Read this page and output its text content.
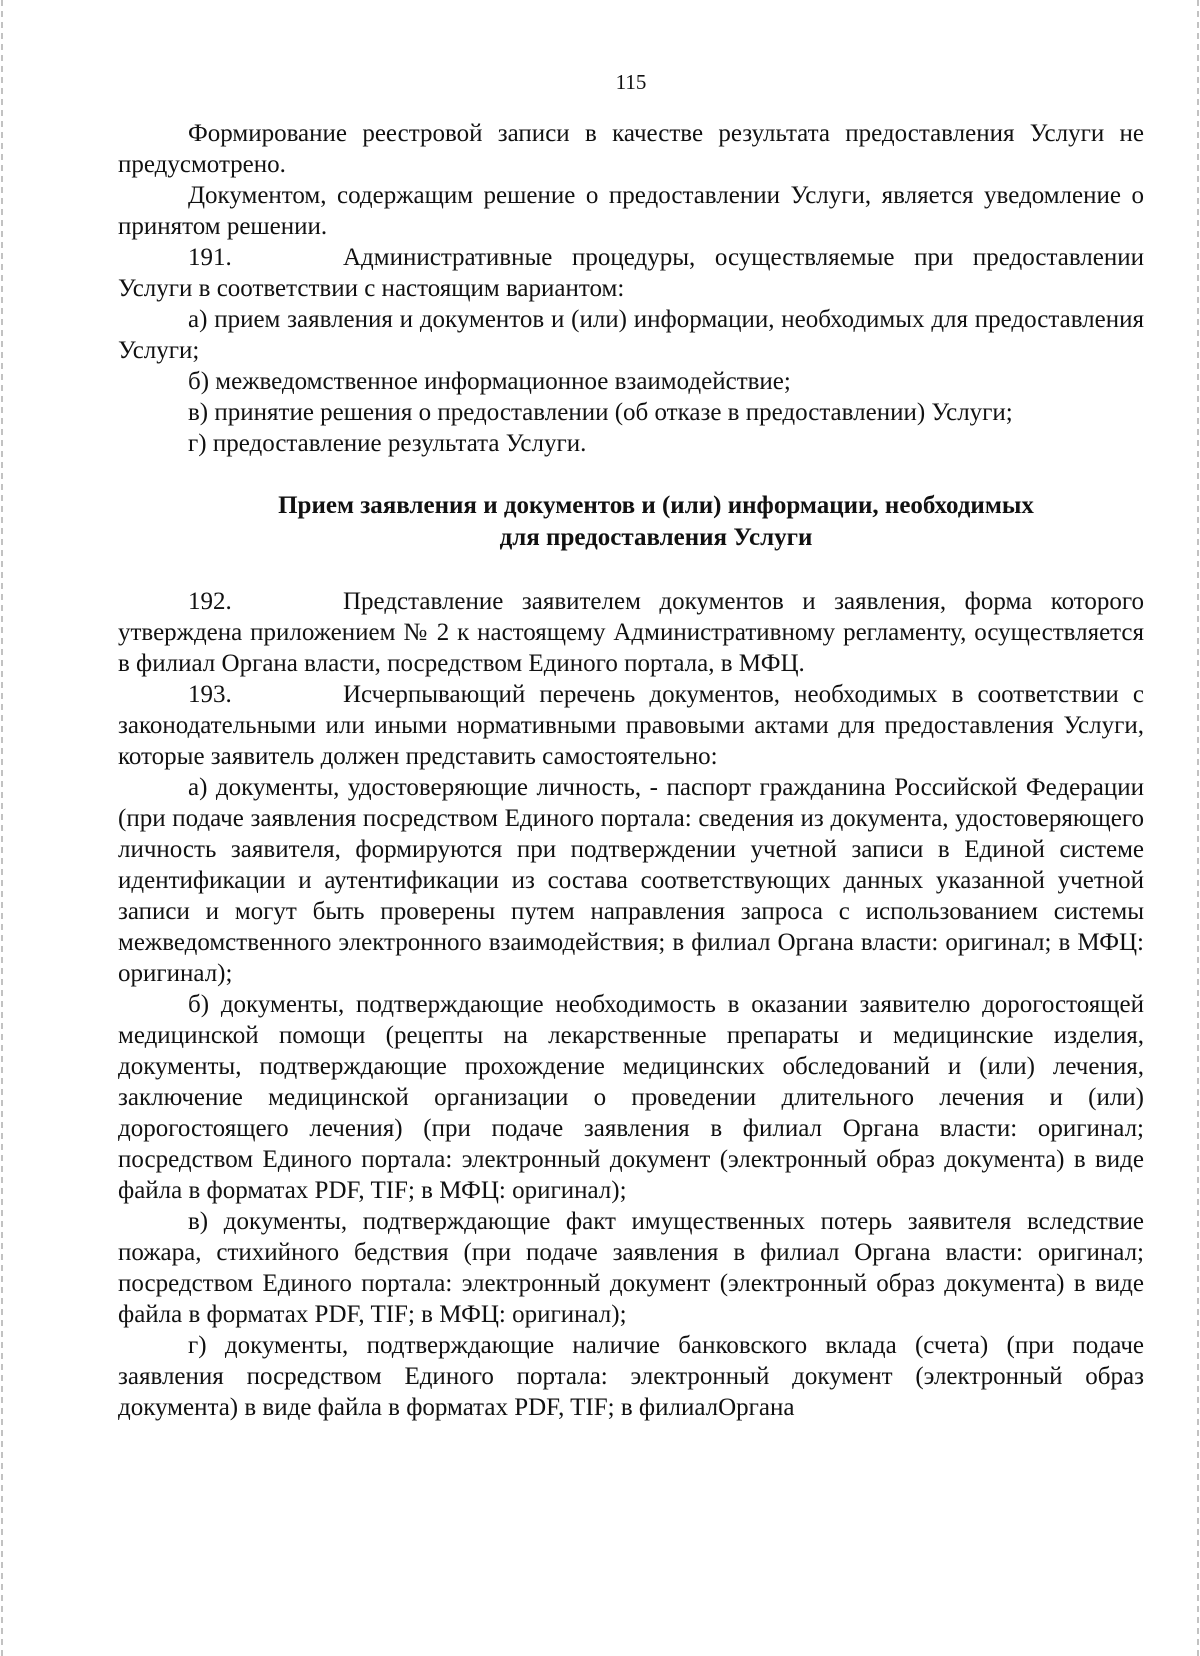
115

Формирование реестровой записи в качестве результата предоставления Услуги не предусмотрено.

Документом, содержащим решение о предоставлении Услуги, является уведомление о принятом решении.

191.	Административные процедуры, осуществляемые при предоставлении Услуги в соответствии с настоящим вариантом:

а) прием заявления и документов и (или) информации, необходимых для предоставления Услуги;

б) межведомственное информационное взаимодействие;

в) принятие решения о предоставлении (об отказе в предоставлении) Услуги;

г) предоставление результата Услуги.

Прием заявления и документов и (или) информации, необходимых
для предоставления Услуги

192.	Представление заявителем документов и заявления, форма которого утверждена приложением № 2 к настоящему Административному регламенту, осуществляется в филиал Органа власти, посредством Единого портала, в МФЦ.

193.	Исчерпывающий перечень документов, необходимых в соответствии с законодательными или иными нормативными правовыми актами для предоставления Услуги, которые заявитель должен представить самостоятельно:

а) документы, удостоверяющие личность, - паспорт гражданина Российской Федерации (при подаче заявления посредством Единого портала: сведения из документа, удостоверяющего личность заявителя, формируются при подтверждении учетной записи в Единой системе идентификации и аутентификации из состава соответствующих данных указанной учетной записи и могут быть проверены путем направления запроса с использованием системы межведомственного электронного взаимодействия; в филиал Органа власти: оригинал; в МФЦ: оригинал);

б) документы, подтверждающие необходимость в оказании заявителю дорогостоящей медицинской помощи (рецепты на лекарственные препараты и медицинские изделия, документы, подтверждающие прохождение медицинских обследований и (или) лечения, заключение медицинской организации о проведении длительного лечения и (или) дорогостоящего лечения) (при подаче заявления в филиал Органа власти: оригинал; посредством Единого портала: электронный документ (электронный образ документа) в виде файла в форматах PDF, TIF; в МФЦ: оригинал);

в) документы, подтверждающие факт имущественных потерь заявителя вследствие пожара, стихийного бедствия (при подаче заявления в филиал Органа власти: оригинал; посредством Единого портала: электронный документ (электронный образ документа) в виде файла в форматах PDF, TIF; в МФЦ: оригинал);

г) документы, подтверждающие наличие банковского вклада (счета) (при подаче заявления посредством Единого портала: электронный документ (электронный образ документа) в виде файла в форматах PDF, TIF; в филиалОргана
